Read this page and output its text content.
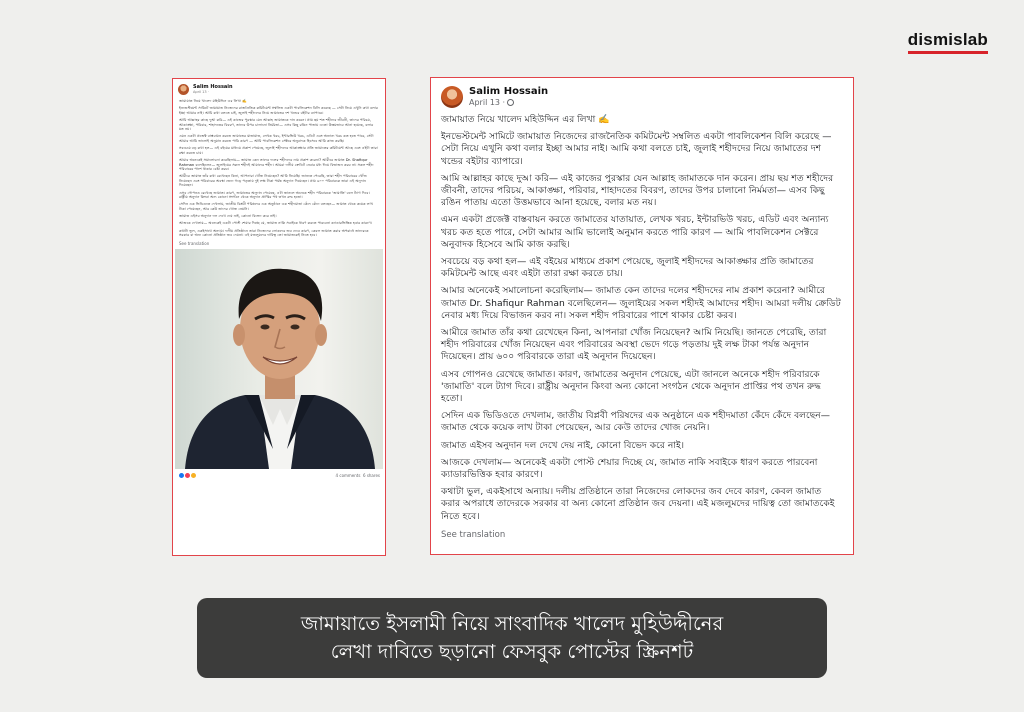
dismislab
Salim Hossain
April 13 ·

জামায়াত নিয়ে খালেদ মহিউদ্দিন এর লিখা ✍️

ইনভেস্টমেন্ট সামিটে জামায়াত নিজেদের রাজনৈতিক কমিটমেন্ট সম্বলিত একটা পাবলিকেশন বিলি করেছে — সেটা নিয়ে এখুনি কথা বলার ইচ্ছা আমার নাই। আমি কথা বলতে চাই, জুলাই শহীদদের নিয়ে জামাতের দশ খন্ডের বইটার ব্যাপারে।

আমি আল্লাহর কাছে দুআ করি— এই কাজের পুরস্কার যেন আল্লাহ জামাতকে দান করেন। প্রায় ছয় শত শহীদের জীবনী, তাদের পরিচয়, আকাঙ্ক্ষা, পরিবার, শাহাদতের বিবরণ, তাদের উপর চালানো নির্মমতা— এসব কিছু রঙিন পাতায় এতো উত্তমভাবে আনা হয়েছে, বলার মত নয়।

এমন একটা প্রজেক্ট বাস্তবায়ন করতে জামাতের যাতায়াত, লেখক খরচ, ইন্টারভিউ খরচ, এডিট এবং অন্যান্য খরচ কত হতে পারে, সেটা আমার আমি ভালোই অনুমান করতে পারি কারণ — আমি পাবলিকেশন সেক্টরে অনুবাদক হিসেবে আমি কাজ করছি।

সবচেয়ে বড় কথা হল— এই বইয়ের মাধ্যমে প্রকাশ পেয়েছে, জুলাই শহীদদের আকাঙ্ক্ষার প্রতি জামাতের কমিটমেন্ট আছে এবং এইটা তারা রক্ষা করতে চায়।

আমার অনেকেই সমালোচনা করেছিলাম— জামাত কেন তাদের দলের শহীদদের নাম প্রকাশ করেনা? আমীরে জামাত Dr. Shafiqur Rahman বলেছিলেন— জুলাইয়ের সকল শহীদই আমাদের শহীদ। আমরা দলীয় ক্রেডিট নেবার মধ্য দিয়ে বিভাজন করব না। সকল শহীদ পরিবারের পাশে থাকার চেষ্টা করব।

আমীরে জামাত তাঁর কথা রেখেছেন কিনা, আপনারা খোঁজ নিয়েছেন? আমি নিয়েছি। জানতে পেরেছি, তারা শহীদ পরিবারের খোঁজ নিয়েছেন এবং পরিবারের অবস্থা ভেদে গড়ে পড়তায় দুই লক্ষ টাকা পর্যন্ত অনুদান দিয়েছেন। প্রায় ৬০০ পরিবারকে তারা এই অনুদান দিয়েছেন।

এসব গোপনও রেখেছে জামাত। কারণ, জামাতের অনুদান পেয়েছে, এটা জানলে অনেকে শহীদ পরিবারকে 'জামাতি' বলে ট্যাগ দিবে। রাষ্ট্রীয় অনুদান কিংবা অন্য কোনো সংগঠন থেকে অনুদান প্রাপ্তির পথ তখন রুদ্ধ হতো।

সেদিন এক ভিডিওতে দেখলাম, জাতীয় বিপ্লবী পরিষদের এক অনুষ্ঠানে এক শহীদমাতা কেঁদে কেঁদে বলছেন— জামাত থেকে কয়েক লাখ টাকা পেয়েছেন, আর কেউ তাদের খোজ নেয়নি।

জামাত এইসব অনুদান দল দেখে দেয় নাই, কোনো বিভেদ করে নাই।

আজকে দেখলাম— অনেকেই একটা পোস্ট শেয়ার দিচ্ছে যে, জামাত নাকি সবাইকে ধারণ করতে পারবেনা ক্যাডারভিত্তিক হবার কারণে।

কথাটা ভুল, একইসাথে অন্যায়। দলীয় প্রতিষ্ঠানে তারা নিজেদের লোকদের জব দেবে কারণ, কেবল জামাত করার অপরাধে তাদেরকে সরকার বা অন্য কোনো প্রতিষ্ঠান জব দেয়না। এই মজলুমদের দায়িত্ব তো জামাতকেই নিতে হবে।

See translation
4 comments 6 shares
Salim Hossain
April 13 ·

জামায়াত নিয়ে খালেদ মহিউদ্দিন এর লিখা ✍️

ইনভেস্টমেন্ট সামিটে জামায়াত নিজেদের রাজনৈতিক কমিটমেন্ট সম্বলিত একটা পাবলিকেশন বিলি করেছে — সেটা নিয়ে এখুনি কথা বলার ইচ্ছা আমার নাই। আমি কথা বলতে চাই, জুলাই শহীদদের নিয়ে জামাতের দশ খন্ডের বইটার ব্যাপারে।

আমি আল্লাহর কাছে দুআ করি— এই কাজের পুরস্কার যেন আল্লাহ জামাতকে দান করেন। প্রায় ছয় শত শহীদের জীবনী, তাদের পরিচয়, আকাঙ্ক্ষা, পরিবার, শাহাদতের বিবরণ, তাদের উপর চালানো নির্মমতা— এসব কিছু রঙিন পাতায় এতো উত্তমভাবে আনা হয়েছে, বলার মত নয়।

এমন একটা প্রজেক্ট বাস্তবায়ন করতে জামাতের যাতায়াত, লেখক খরচ, ইন্টারভিউ খরচ, এডিট এবং অন্যান্য খরচ কত হতে পারে, সেটা আমার আমি ভালোই অনুমান করতে পারি কারণ — আমি পাবলিকেশন সেক্টরে অনুবাদক হিসেবে আমি কাজ করছি।

সবচেয়ে বড় কথা হল— এই বইয়ের মাধ্যমে প্রকাশ পেয়েছে, জুলাই শহীদদের আকাঙ্ক্ষার প্রতি জামাতের কমিটমেন্ট আছে এবং এইটা তারা রক্ষা করতে চায়।

আমার অনেকেই সমালোচনা করেছিলাম— জামাত কেন তাদের দলের শহীদদের নাম প্রকাশ করেনা? আমীরে জামাত Dr. Shafiqur Rahman বলেছিলেন— জুলাইয়ের সকল শহীদই আমাদের শহীদ। আমরা দলীয় ক্রেডিট নেবার মধ্য দিয়ে বিভাজন করব না। সকল শহীদ পরিবারের পাশে থাকার চেষ্টা করব।

আমীরে জামাত তাঁর কথা রেখেছেন কিনা, আপনারা খোঁজ নিয়েছেন? আমি নিয়েছি। জানতে পেরেছি, তারা শহীদ পরিবারের খোঁজ নিয়েছেন এবং পরিবারের অবস্থা ভেদে গড়ে পড়তায় দুই লক্ষ টাকা পর্যন্ত অনুদান দিয়েছেন। প্রায় ৬০০ পরিবারকে তারা এই অনুদান দিয়েছেন।

এসব গোপনও রেখেছে জামাত। কারণ, জামাতের অনুদান পেয়েছে, এটা জানলে অনেকে শহীদ পরিবারকে 'জামাতি' বলে ট্যাগ দিবে। রাষ্ট্রীয় অনুদান কিংবা অন্য কোনো সংগঠন থেকে অনুদান প্রাপ্তির পথ তখন রুদ্ধ হতো।

সেদিন এক ভিডিওতে দেখলাম, জাতীয় বিপ্লবী পরিষদের এক অনুষ্ঠানে এক শহীদমাতা কেঁদে কেঁদে বলছেন— জামাত থেকে কয়েক লাখ টাকা পেয়েছেন, আর কেউ তাদের খোজ নেয়নি।

জামাত এইসব অনুদান দল দেখে দেয় নাই, কোনো বিভেদ করে নাই।

আজকে দেখলাম— অনেকেই একটা পোস্ট শেয়ার দিচ্ছে যে, জামাত নাকি সবাইকে ধারণ করতে পারবেনা ক্যাডারভিত্তিক হবার কারণে।

কথাটা ভুল, একইসাথে অন্যায়। দলীয় প্রতিষ্ঠানে তারা নিজেদের লোকদের জব দেবে কারণ, কেবল জামাত করার অপরাধে তাদেরকে সরকার বা অন্য কোনো প্রতিষ্ঠান জব দেয়না। এই মজলুমদের দায়িত্ব তো জামাতকেই নিতে হবে।

See translation
জামায়াতে ইসলামী নিয়ে সাংবাদিক খালেদ মুহিউদ্দীনের
লেখা দাবিতে ছড়ানো ফেসবুক পোস্টের স্ক্রিনশট
